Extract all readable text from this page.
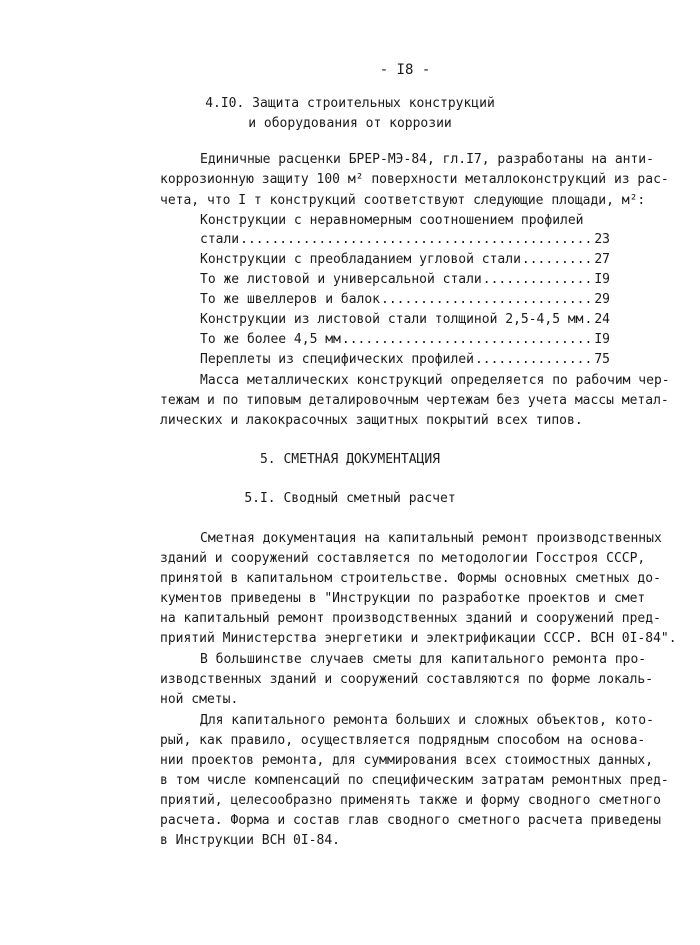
- I8 -
4.I0. Защита строительных конструкций
и оборудования от коррозии
Единичные расценки БРЕР-МЭ-84, гл.I7, разработаны на анти-
коррозионную защиту 100 м² поверхности металлоконструкций из рас-
чета, что I т конструкций соответствуют следующие площади, м²:
Конструкции с неравномерным соотношением профилей
стали .....	23
Конструкции с преобладанием угловой стали .....	27
То же листовой и универсальной стали .....	I9
То же швеллеров и балок .....	29
Конструкции из листовой стали толщиной 2,5-4,5 мм ..... 24
То же более 4,5 мм .....	I9
Переплеты из специфических профилей .....	75
Масса металлических конструкций определяется по рабочим чер-
тежам и по типовым деталировочным чертежам без учета массы метал-
лических и лакокрасочных защитных покрытий всех типов.
5. СМЕТНАЯ ДОКУМЕНТАЦИЯ
5.I. Сводный сметный расчет
Сметная документация на капитальный ремонт производственных
зданий и сооружений составляется по методологии Госстроя СССР,
принятой в капитальном строительстве. Формы основных сметных до-
кументов приведены в "Инструкции по разработке проектов и смет
на капитальный ремонт производственных зданий и сооружений пред-
приятий Министерства энергетики и электрификации СССР. ВСН 0I-84".
В большинстве случаев сметы для капитального ремонта про-
изводственных зданий и сооружений составляются по форме локаль-
ной сметы.
Для капитального ремонта больших и сложных объектов, кото-
рый, как правило, осуществляется подрядным способом на основа-
нии проектов ремонта, для суммирования всех стоимостных данных,
в том числе компенсаций по специфическим затратам ремонтных пред-
приятий, целесообразно применять также и форму сводного сметного
расчета. Форма и состав глав сводного сметного расчета приведены
в Инструкции ВСН 0I-84.
